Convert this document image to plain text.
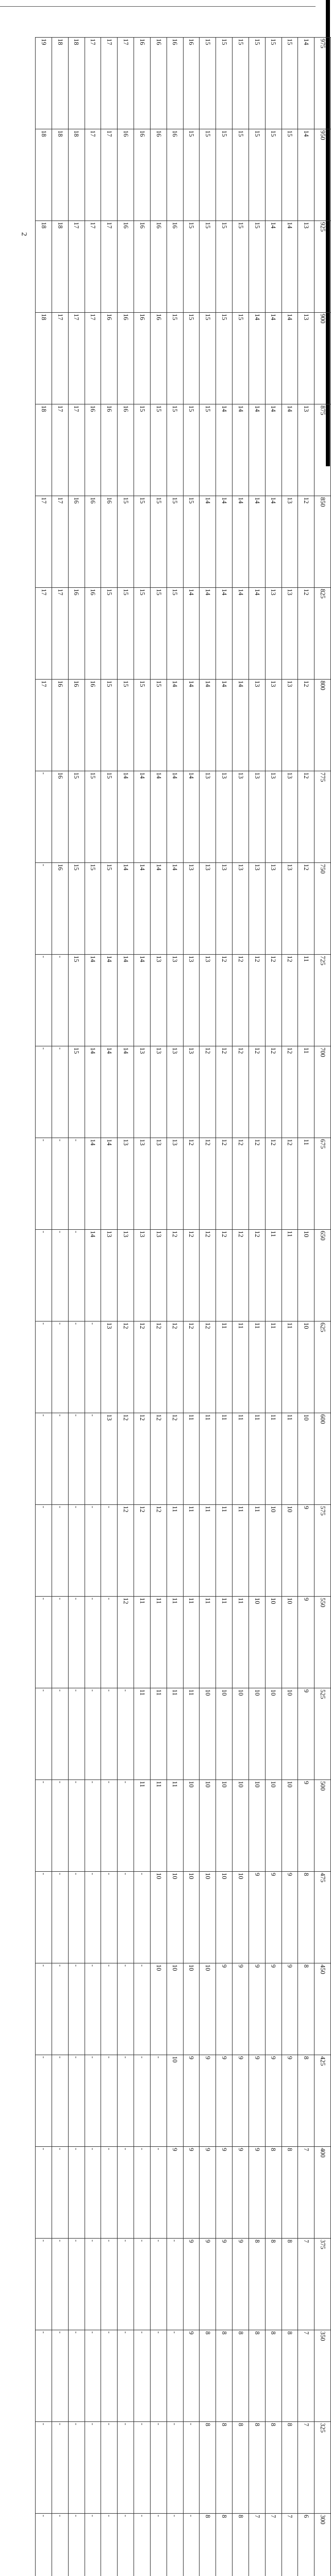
2
975	950	925	900	875	850	825	800	775	750	725	700	675	650	625	600	575	550	525	500	475	450	425	400	375	350	325	300					
14	14	13	13	13	12	12	12	12	12	11	11	11	10	10	10	9	9	9	9	8	8	8	7	7	7	7	6					
15	15	14	14	14	13	13	13	13	13	12	12	12	11	11	11	10	10	10	10	9	9	9	8	8	8	8	7					
15	15	14	14	14	14	13	13	13	13	12	12	12	11	11	11	10	10	10	10	9	9	9	8	8	8	8	7					
15	15	15	14	14	14	14	13	13	13	12	12	12	12	11	11	11	10	10	10	9	9	9	9	8	8	8	7					
15	15	15	15	14	14	14	14	13	13	12	12	12	12	11	11	11	11	10	10	10	9	9	9	9	8	8	8					
15	15	15	15	14	14	14	14	13	13	12	12	12	12	11	11	11	11	10	10	10	9	9	9	9	8	8	8					
15	15	15	15	15	14	14	14	13	13	13	12	12	12	12	11	11	11	10	10	10	10	9	9	9	8	8	8					
16	15	15	15	15	15	14	14	14	13	13	13	12	12	12	11	11	11	11	10	10	10	9	9	9	9	-	-					
16	16	16	15	15	15	15	14	14	14	13	13	13	12	12	12	11	11	11	11	10	10	10	9	-	-	-	-					
16	16	16	16	15	15	15	15	14	14	13	13	13	13	12	12	12	11	11	11	10	10	-	-	-	-	-	-					
16	16	16	16	15	15	15	15	14	14	14	13	13	13	12	12	12	11	11	11	-	-	-	-	-	-	-	-					
17	16	16	16	16	15	15	15	14	14	14	14	13	13	12	12	12	12	-	-	-	-	-	-	-	-	-	-					
17	17	17	16	16	16	15	15	15	15	14	14	14	13	13	13	-	-	-	-	-	-	-	-	-	-	-	-					
17	17	17	17	16	16	16	16	15	15	14	14	14	14	-	-	-	-	-	-	-	-	-	-	-	-	-	-					
18	18	17	17	17	16	16	16	15	15	15	15	-	-	-	-	-	-	-	-	-	-	-	-	-	-	-	-					
18	18	18	17	17	17	17	16	16	16	-	-	-	-	-	-	-	-	-	-	-	-	-	-	-	-	-	-					
19	18	18	18	18	17	17	17	-	-	-	-	-	-	-	-	-	-	-	-	-	-	-	-	-	-	-	-					
